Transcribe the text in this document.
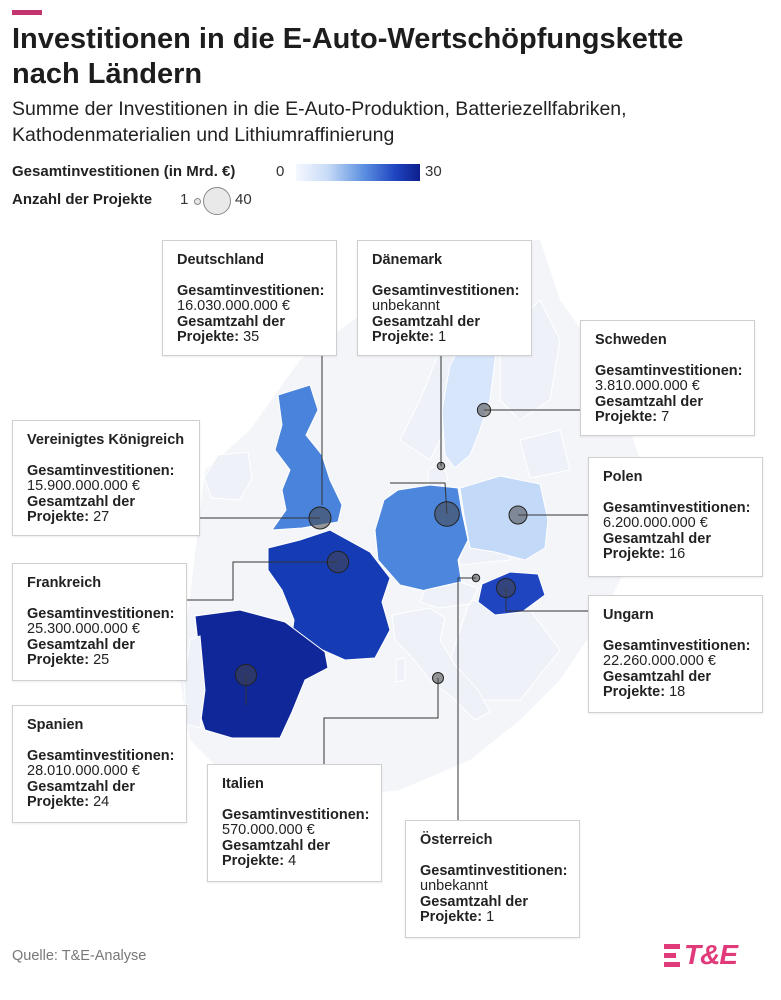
Investitionen in die E-Auto-Wertschöpfungskette nach Ländern
Summe der Investitionen in die E-Auto-Produktion, Batteriezellfabriken, Kathodenmaterialien und Lithiumraffinierung
Gesamtinvestitionen (in Mrd. €)	0	30
Anzahl der Projekte 1	40
Deutschland
Gesamtinvestitionen:
16.030.000.000 €
Gesamtzahl der Projekte: 35
Dänemark
Gesamtinvestitionen:
unbekannt
Gesamtzahl der Projekte: 1	Schweden
Gesamtinvestitionen:
3.810.000.000 €
Gesamtzahl der Projekte: 7
Vereinigtes Königreich
Gesamtinvestitionen:
15.900.000.000 €
Gesamtzahl der Projekte: 27
Polen
Gesamtinvestitionen:
6.200.000.000 €
Gesamtzahl der Projekte: 16
Frankreich
Gesamtinvestitionen:
25.300.000.000 €
Gesamtzahl der Projekte: 25
Ungarn
Gesamtinvestitionen:
22.260.000.000 €
Gesamtzahl der Projekte: 18
Spanien
Gesamtinvestitionen:
28.010.000.000 €
Gesamtzahl der Projekte: 24
Italien
Gesamtinvestitionen:
570.000.000 €
Gesamtzahl der Projekte: 4
Österreich
Gesamtinvestitionen:
unbekannt
Gesamtzahl der Projekte: 1
Quelle: T&E-Analyse	T&E
